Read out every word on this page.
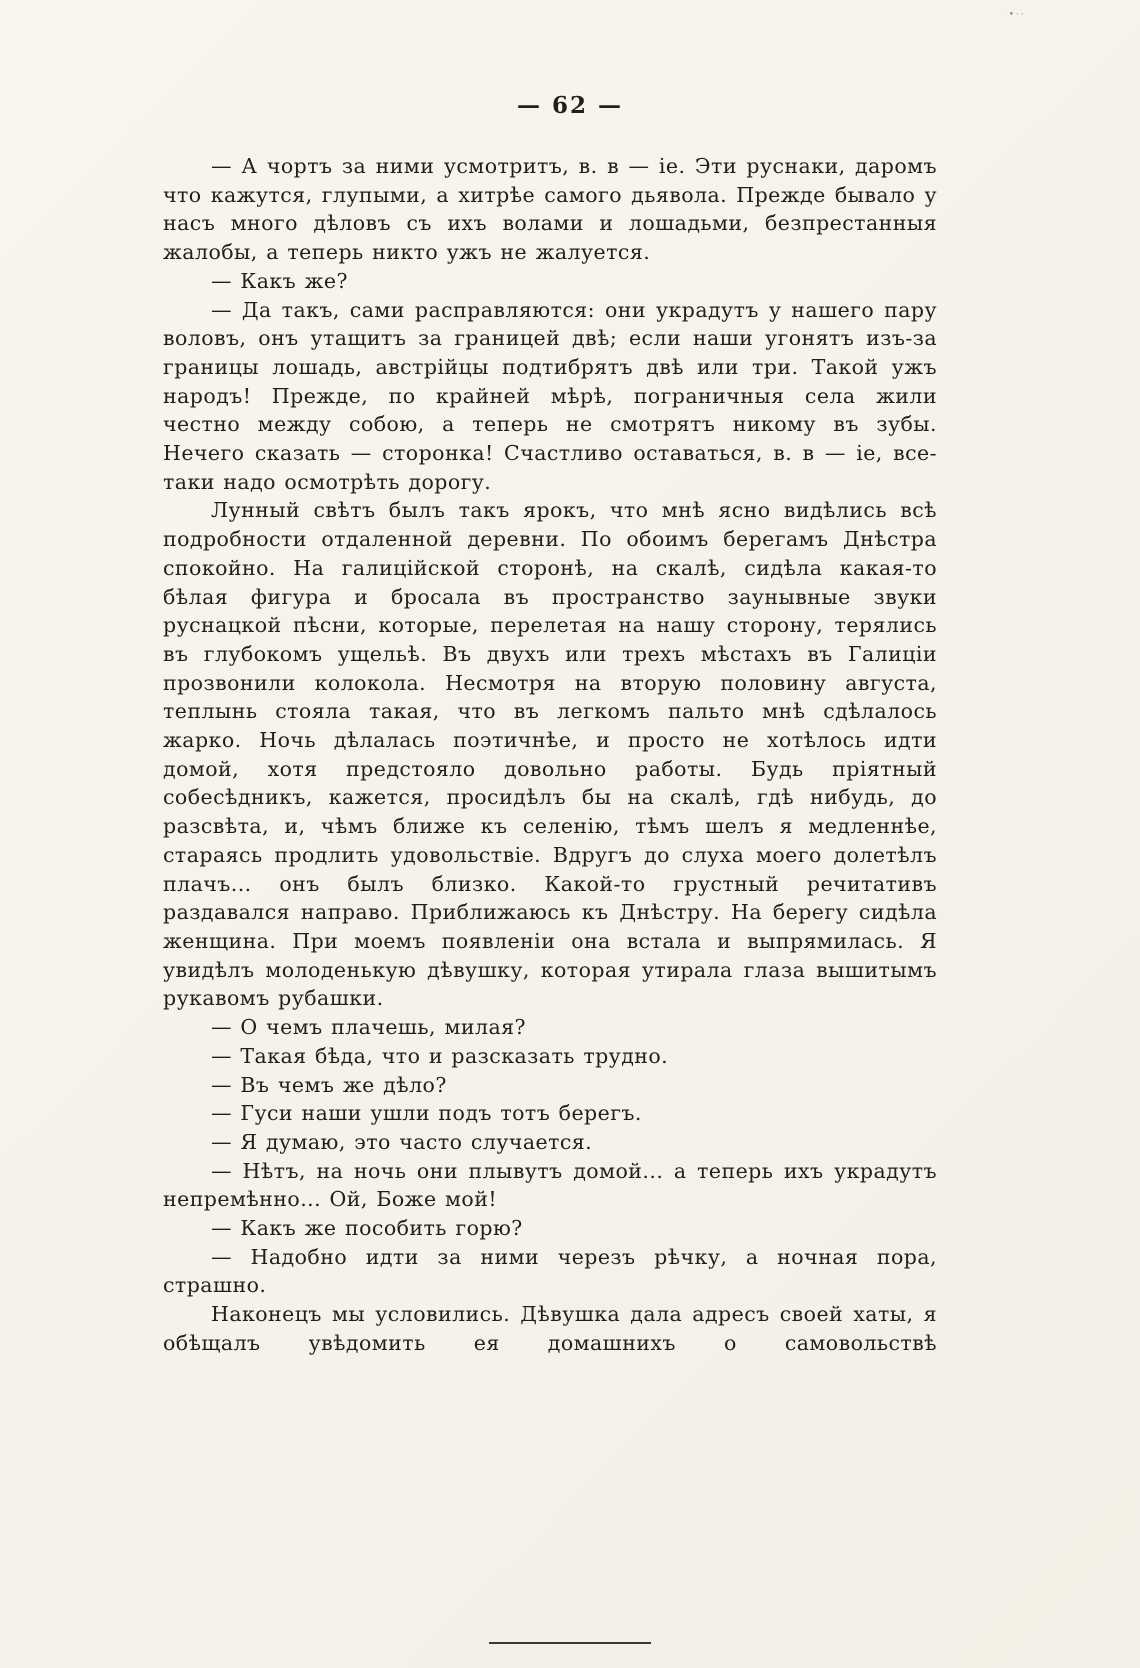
, .•·‧
— 62 —

— А чортъ за ними усмотритъ, в. в — іе. Эти руснаки, даромъ что кажутся, глупыми, а хитрѣе самого дьявола. Прежде бывало у насъ много дѣловъ съ ихъ волами и лошадьми, безпрестанныя жалобы, а теперь никто ужъ не жалуется.

— Какъ же?

— Да такъ, сами расправляются: они украдутъ у нашего пару воловъ, онъ утащитъ за границей двѣ; если наши угонятъ изъ-за границы лошадь, австрійцы подтибрятъ двѣ или три. Такой ужъ народъ! Прежде, по крайней мѣрѣ, пограничныя села жили честно между собою, а теперь не смотрятъ никому въ зубы. Нечего сказать — сторонка! Счастливо оставаться, в. в — іе, все-таки надо осмотрѣть дорогу.

Лунный свѣтъ былъ такъ ярокъ, что мнѣ ясно видѣлись всѣ подробности отдаленной деревни. По обоимъ берегамъ Днѣстра спокойно. На галиційской сторонѣ, на скалѣ, сидѣла какая-то бѣлая фигура и бросала въ пространство заунывные звуки руснацкой пѣсни, которые, перелетая на нашу сторону, терялись въ глубокомъ ущельѣ. Въ двухъ или трехъ мѣстахъ въ Галиціи прозвонили колокола. Несмотря на вторую половину августа, теплынь стояла такая, что въ легкомъ пальто мнѣ сдѣлалось жарко. Ночь дѣлалась поэтичнѣе, и просто не хотѣлось идти домой, хотя предстояло довольно работы. Будь пріятный собесѣдникъ, кажется, просидѣлъ бы на скалѣ, гдѣ нибудь, до разсвѣта, и, чѣмъ ближе къ селенію, тѣмъ шелъ я медленнѣе, стараясь продлить удовольствіе. Вдругъ до слуха моего долетѣлъ плачъ... онъ былъ близко. Какой-то грустный речитативъ раздавался направо. Приближаюсь къ Днѣстру. На берегу сидѣла женщина. При моемъ появленіи она встала и выпрямилась. Я увидѣлъ молоденькую дѣвушку, которая утирала глаза вышитымъ рукавомъ рубашки.

— О чемъ плачешь, милая?

— Такая бѣда, что и разсказать трудно.

— Въ чемъ же дѣло?

— Гуси наши ушли подъ тотъ берегъ.

— Я думаю, это часто случается.

— Нѣтъ, на ночь они плывутъ домой... а теперь ихъ украдутъ непремѣнно... Ой, Боже мой!

— Какъ же пособить горю?

— Надобно идти за ними черезъ рѣчку, а ночная пора, страшно.

Наконецъ мы условились. Дѣвушка дала адресъ своей хаты, я обѣщалъ увѣдомить ея домашнихъ о самовольствѣ
